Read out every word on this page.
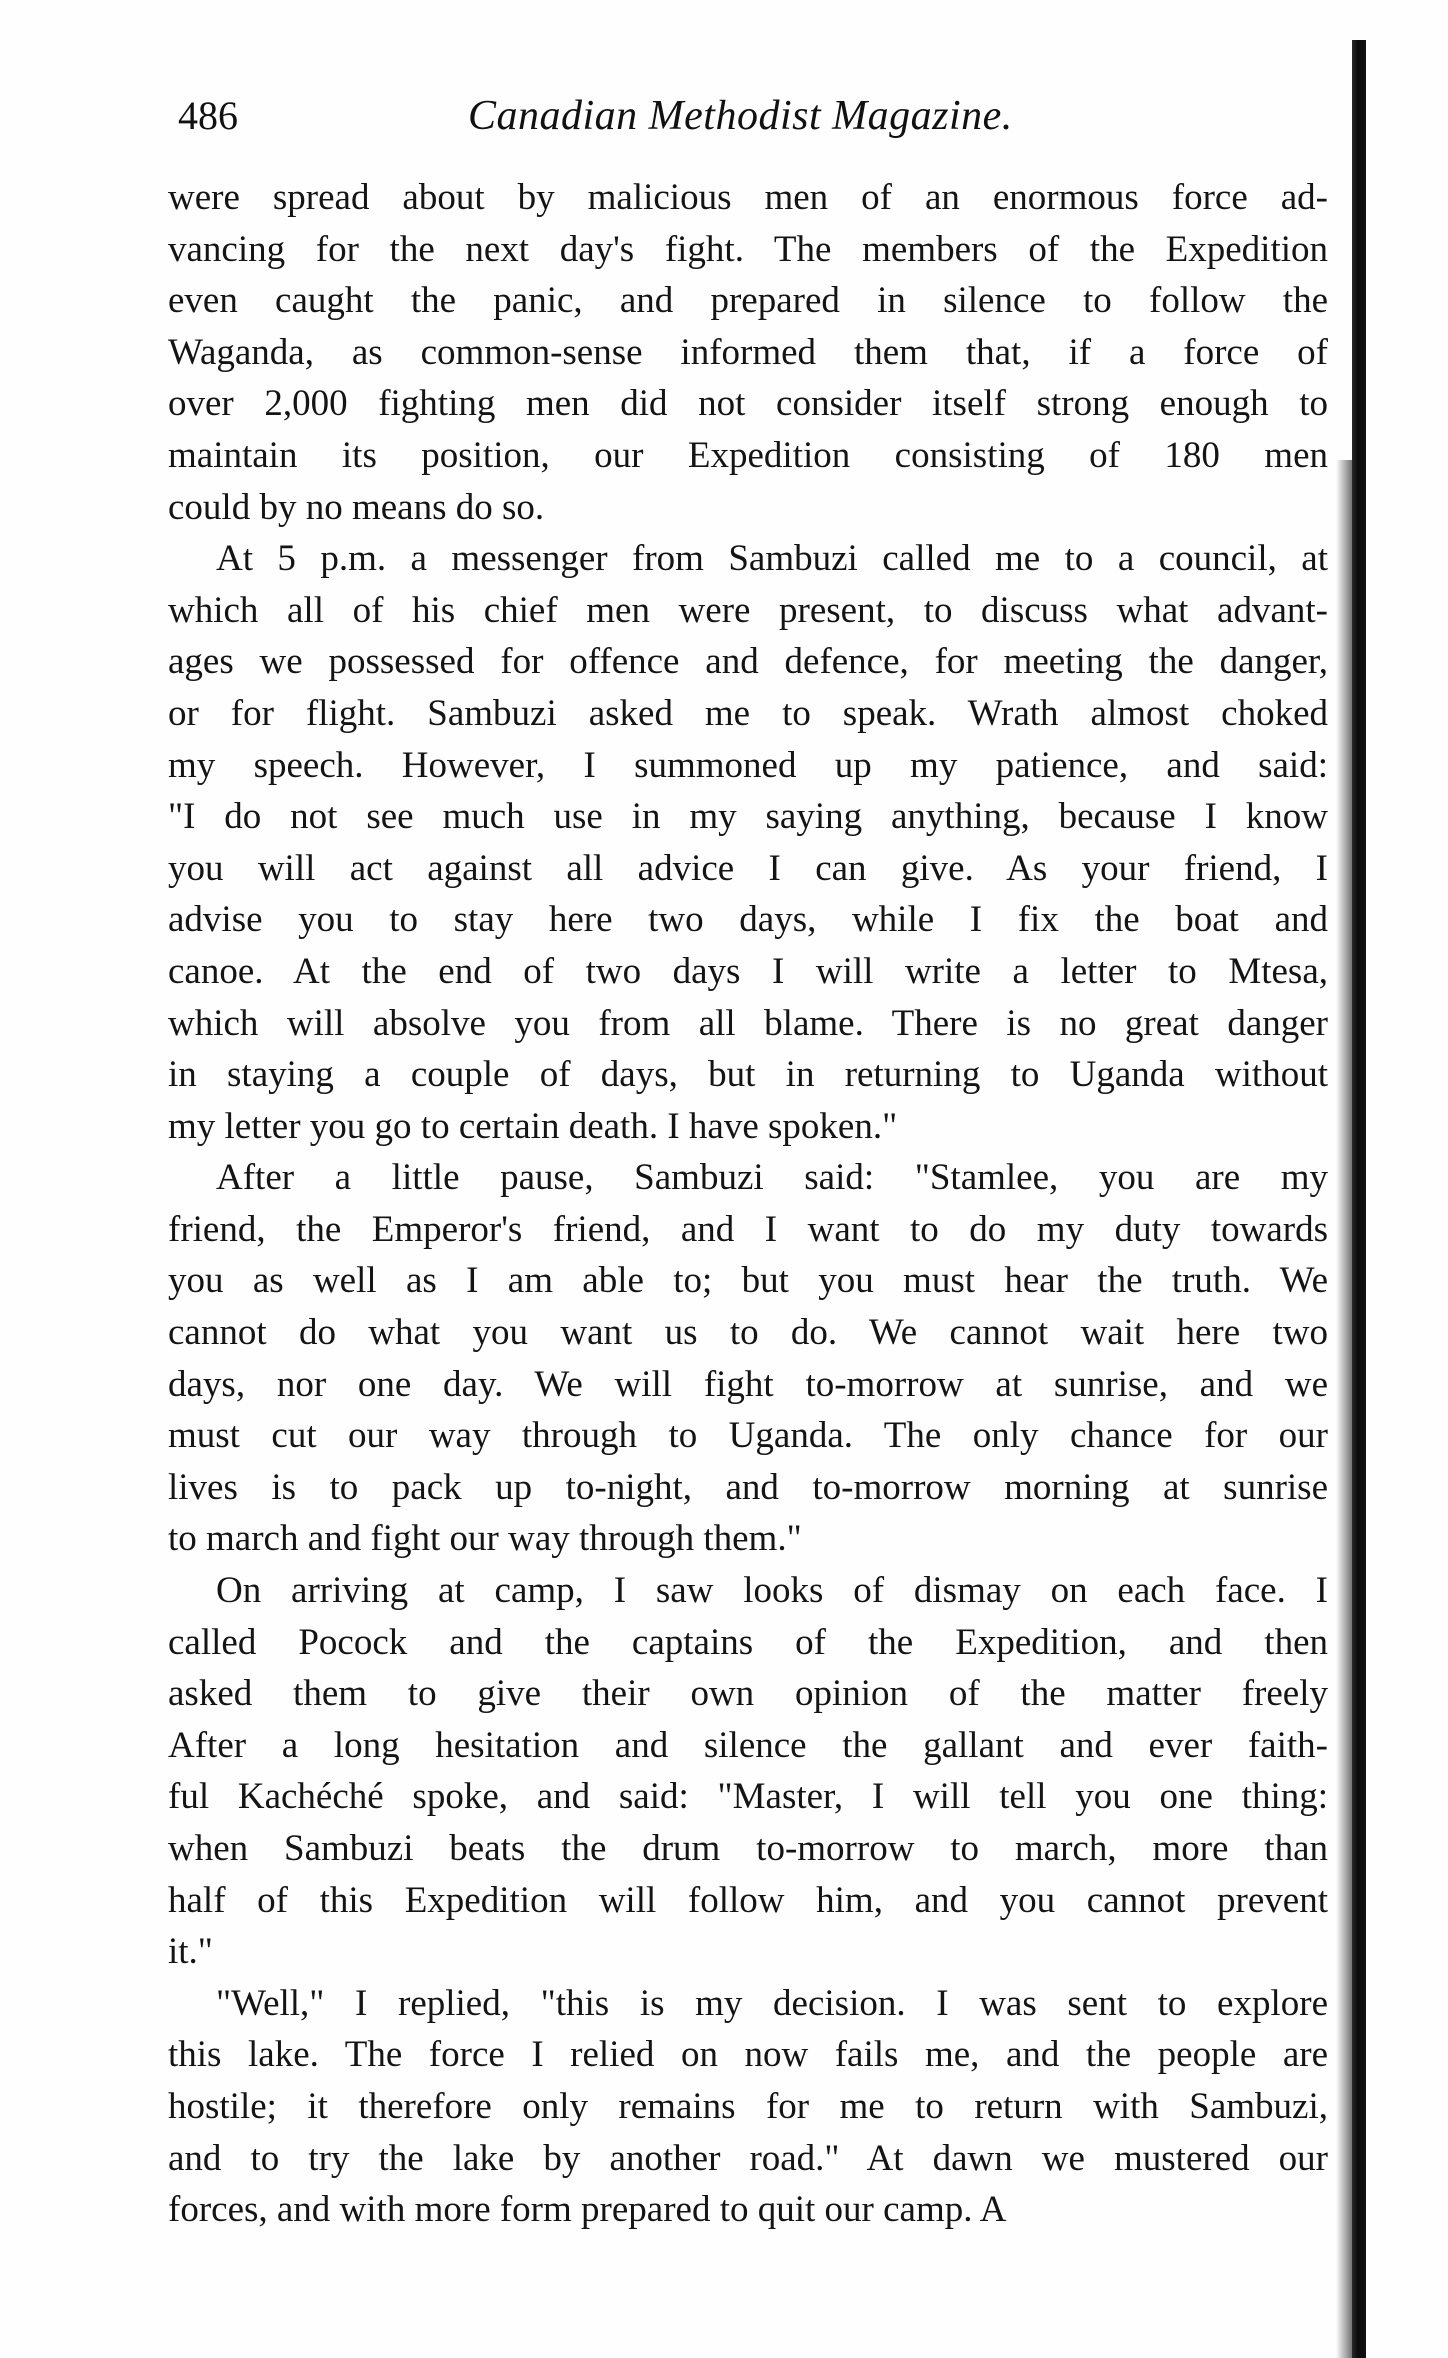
486	Canadian Methodist Magazine.
were spread about by malicious men of an enormous force ad-
vancing for the next day's fight. The members of the Expedition
even caught the panic, and prepared in silence to follow the
Waganda, as common-sense informed them that, if a force of
over 2,000 fighting men did not consider itself strong enough to
maintain its position, our Expedition consisting of 180 men
could by no means do so.
At 5 p.m. a messenger from Sambuzi called me to a council, at
which all of his chief men were present, to discuss what advant-
ages we possessed for offence and defence, for meeting the danger,
or for flight. Sambuzi asked me to speak. Wrath almost choked
my speech. However, I summoned up my patience, and said:
"I do not see much use in my saying anything, because I know
you will act against all advice I can give. As your friend, I
advise you to stay here two days, while I fix the boat and
canoe. At the end of two days I will write a letter to Mtesa,
which will absolve you from all blame. There is no great danger
in staying a couple of days, but in returning to Uganda without
my letter you go to certain death. I have spoken."
After a little pause, Sambuzi said: "Stamlee, you are my
friend, the Emperor's friend, and I want to do my duty towards
you as well as I am able to; but you must hear the truth. We
cannot do what you want us to do. We cannot wait here two
days, nor one day. We will fight to-morrow at sunrise, and we
must cut our way through to Uganda. The only chance for our
lives is to pack up to-night, and to-morrow morning at sunrise
to march and fight our way through them."
On arriving at camp, I saw looks of dismay on each face. I
called Pocock and the captains of the Expedition, and then
asked them to give their own opinion of the matter freely
After a long hesitation and silence the gallant and ever faith-
ful Kachéché spoke, and said: "Master, I will tell you one thing:
when Sambuzi beats the drum to-morrow to march, more than
half of this Expedition will follow him, and you cannot prevent
it."
"Well," I replied, "this is my decision. I was sent to explore
this lake. The force I relied on now fails me, and the people are
hostile; it therefore only remains for me to return with Sambuzi,
and to try the lake by another road." At dawn we mustered our
forces, and with more form prepared to quit our camp. A
